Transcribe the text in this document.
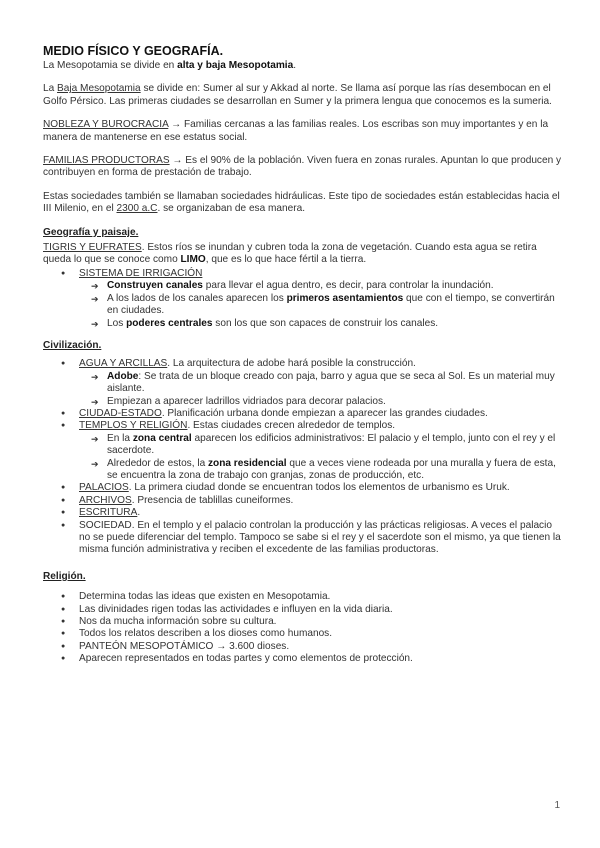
MEDIO FÍSICO Y GEOGRAFÍA.

La Mesopotamia se divide en alta y baja Mesopotamia.

La Baja Mesopotamia se divide en: Sumer al sur y Akkad al norte. Se llama así porque las rías desembocan en el Golfo Pérsico. Las primeras ciudades se desarrollan en Sumer y la primera lengua que conocemos es la sumeria.

NOBLEZA Y BUROCRACIA → Familias cercanas a las familias reales. Los escribas son muy importantes y en la manera de mantenerse en ese estatus social.

FAMILIAS PRODUCTORAS → Es el 90% de la población. Viven fuera en zonas rurales. Apuntan lo que producen y contribuyen en forma de prestación de trabajo.

Estas sociedades también se llamaban sociedades hidráulicas. Este tipo de sociedades están establecidas hacia el III Milenio, en el 2300 a.C. se organizaban de esa manera.

Geografía y paisaje.
TIGRIS Y EUFRATES. Estos ríos se inundan y cubren toda la zona de vegetación. Cuando esta agua se retira queda lo que se conoce como LIMO, que es lo que hace fértil a la tierra.
● SISTEMA DE IRRIGACIÓN
➔ Construyen canales para llevar el agua dentro, es decir, para controlar la inundación.
➔ A los lados de los canales aparecen los primeros asentamientos que con el tiempo, se convertirán en ciudades.
➔ Los poderes centrales son los que son capaces de construir los canales.
Civilización.
● AGUA Y ARCILLAS. La arquitectura de adobe hará posible la construcción.
➔ Adobe: Se trata de un bloque creado con paja, barro y agua que se seca al Sol. Es un material muy aislante.
➔ Empiezan a aparecer ladrillos vidriados para decorar palacios.
● CIUDAD-ESTADO. Planificación urbana donde empiezan a aparecer las grandes ciudades.
● TEMPLOS Y RELIGIÓN. Estas ciudades crecen alrededor de templos.
➔ En la zona central aparecen los edificios administrativos: El palacio y el templo, junto con el rey y el sacerdote.
➔ Alrededor de estos, la zona residencial que a veces viene rodeada por una muralla y fuera de esta, se encuentra la zona de trabajo con granjas, zonas de producción, etc.
● PALACIOS. La primera ciudad donde se encuentran todos los elementos de urbanismo es Uruk.
● ARCHIVOS. Presencia de tablillas cuneiformes.
● ESCRITURA.
● SOCIEDAD. En el templo y el palacio controlan la producción y las prácticas religiosas. A veces el palacio no se puede diferenciar del templo. Tampoco se sabe si el rey y el sacerdote son el mismo, ya que tienen la misma función administrativa y reciben el excedente de las familias productoras.
Religión.
● Determina todas las ideas que existen en Mesopotamia.
● Las divinidades rigen todas las actividades e influyen en la vida diaria.
● Nos da mucha información sobre su cultura.
● Todos los relatos describen a los dioses como humanos.
● PANTEÓN MESOPOTÁMICO → 3.600 dioses.
● Aparecen representados en todas partes y como elementos de protección.
1
